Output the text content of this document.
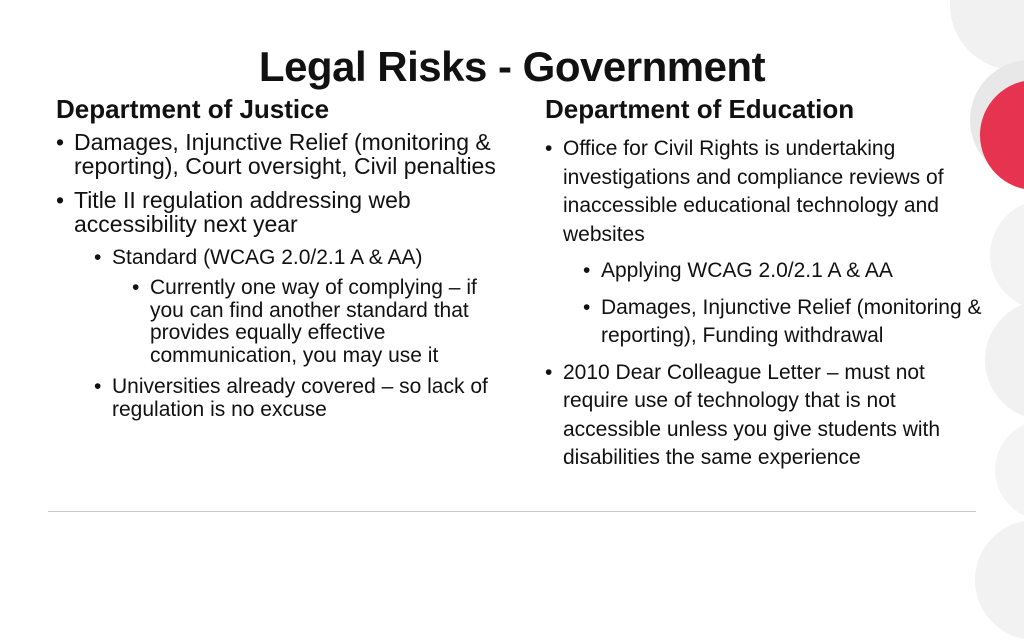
Legal Risks - Government
Department of Justice	Department of Education
• Damages, Injunctive Relief (monitoring & reporting), Court oversight, Civil penalties
• Title II regulation addressing web accessibility next year
• Standard (WCAG 2.0/2.1 A & AA)
• Currently one way of complying – if you can find another standard that provides equally effective communication, you may use it
• Universities already covered – so lack of regulation is no excuse
• Office for Civil Rights is undertaking investigations and compliance reviews of inaccessible educational technology and websites
• Applying WCAG 2.0/2.1 A & AA
• Damages, Injunctive Relief (monitoring & reporting), Funding withdrawal
• 2010 Dear Colleague Letter – must not require use of technology that is not accessible unless you give students with disabilities the same experience
